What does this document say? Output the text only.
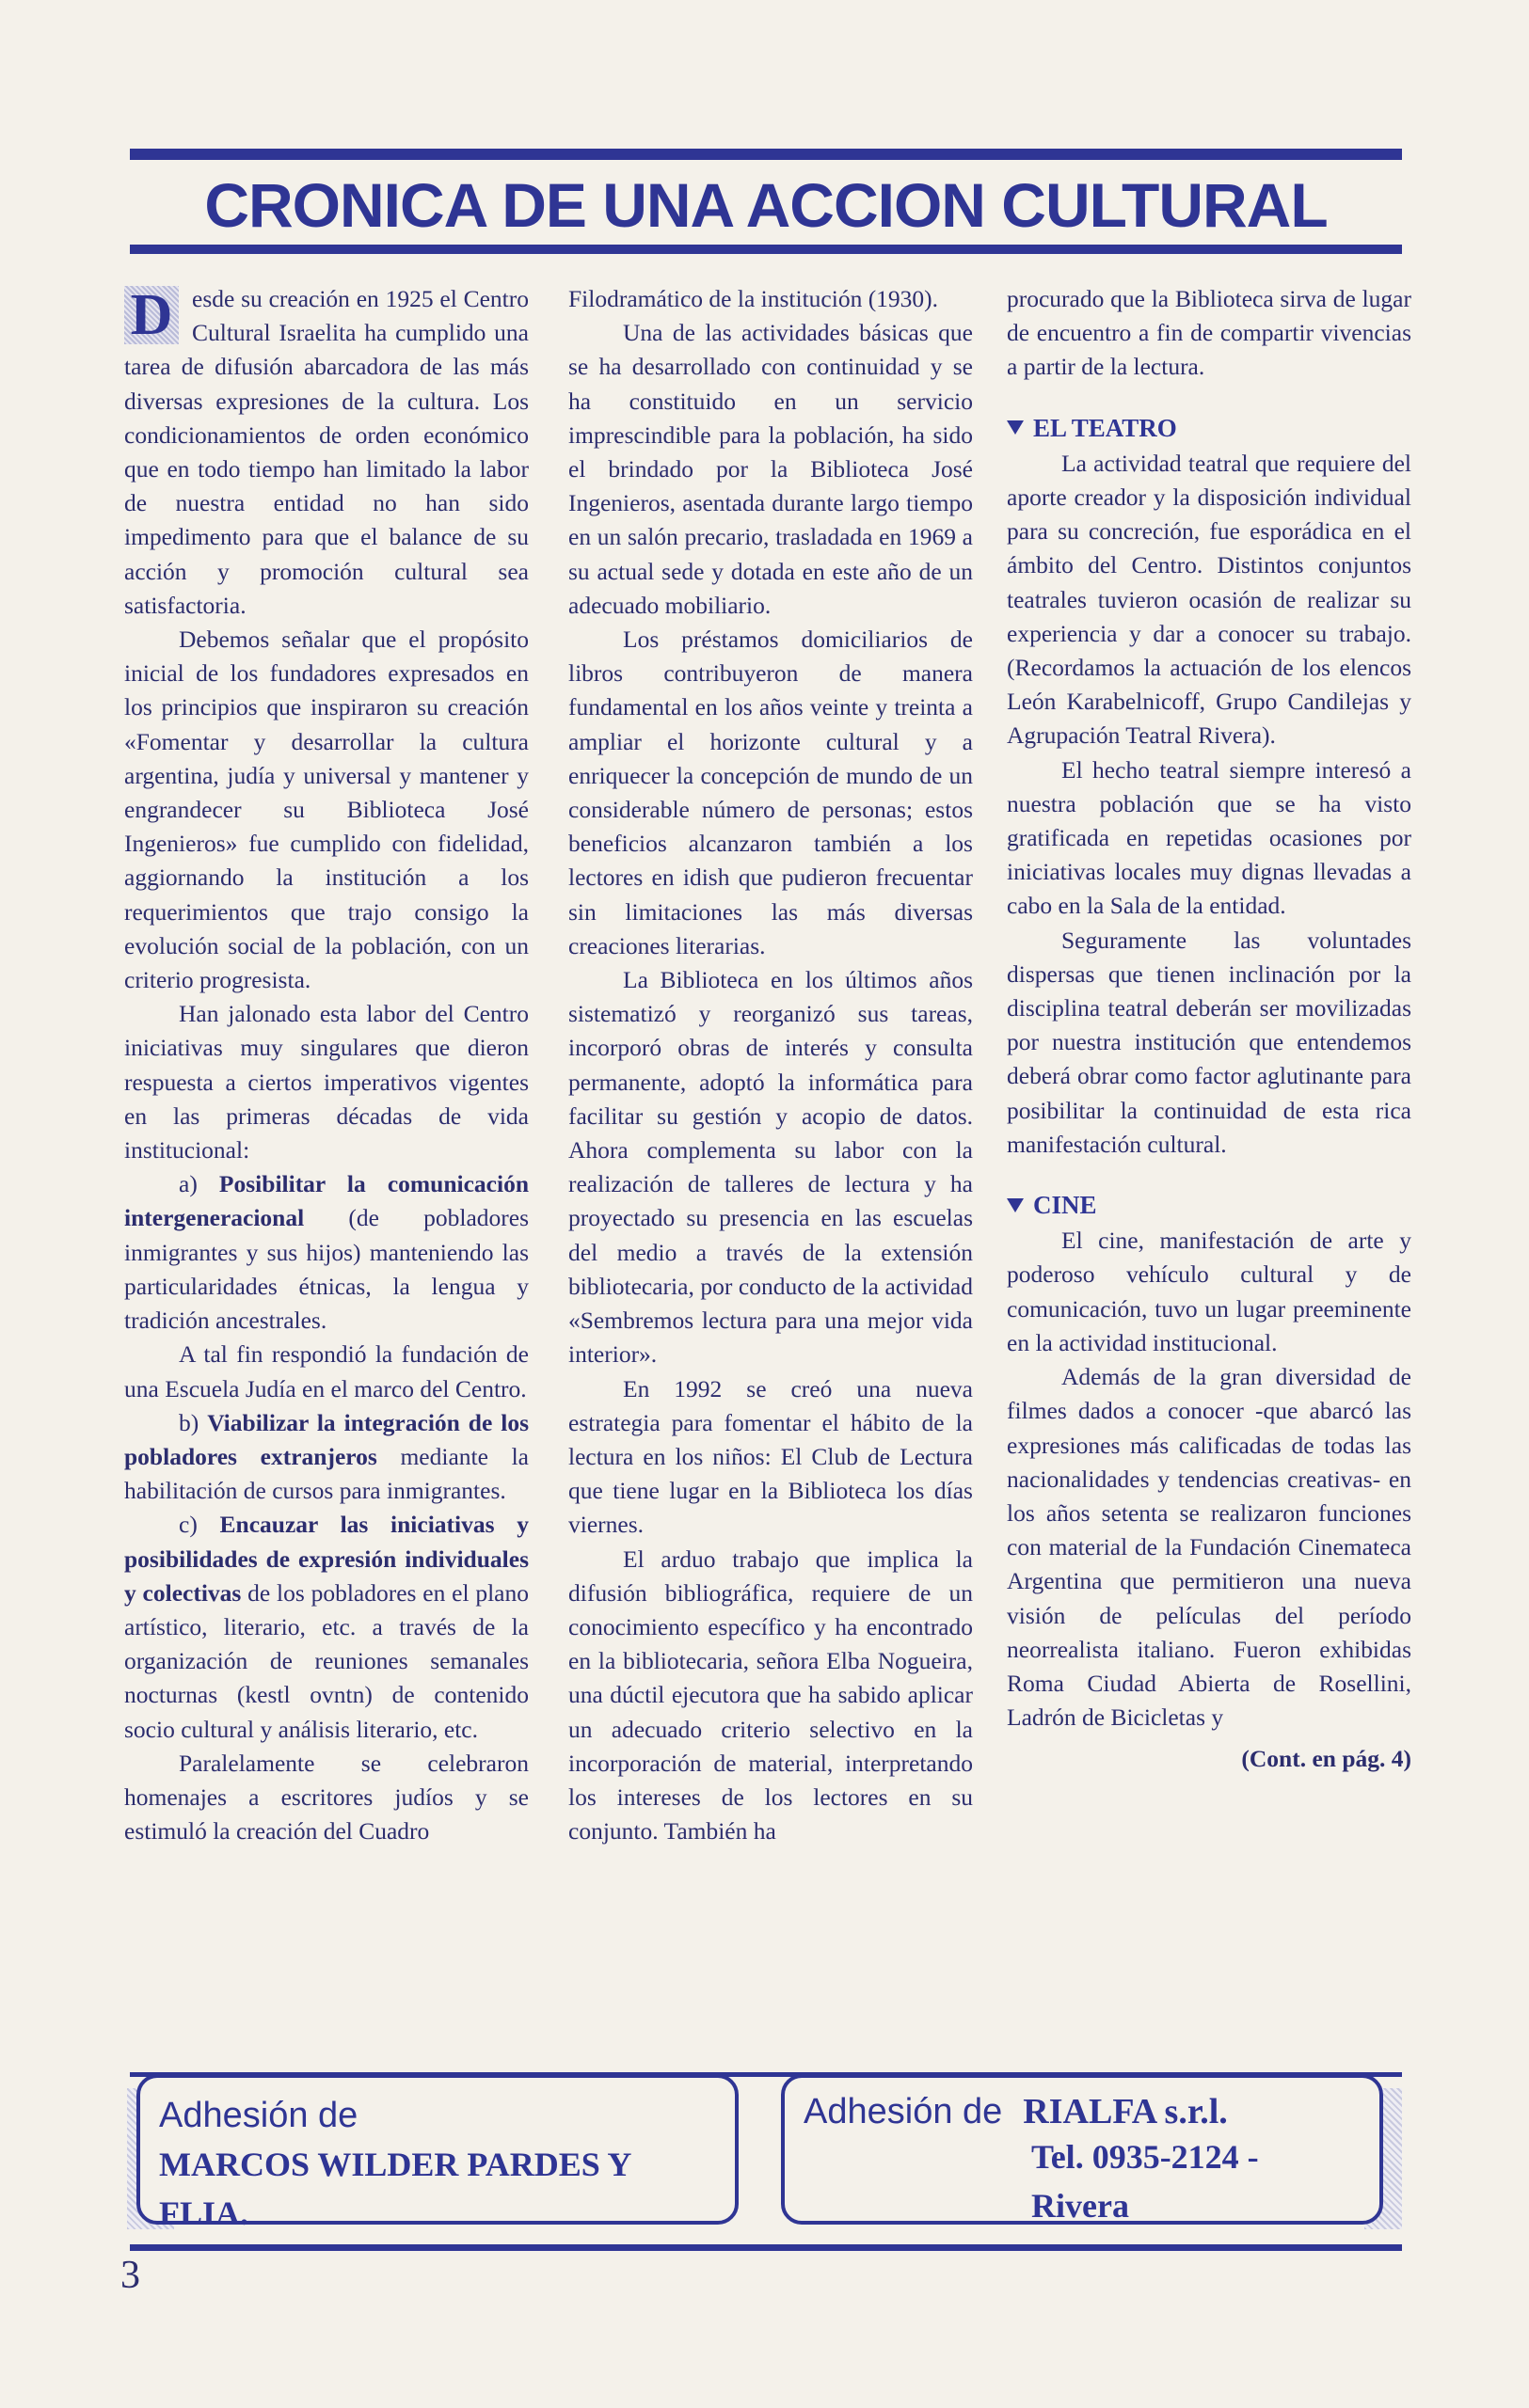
CRONICA DE UNA ACCION CULTURAL

D esde su creación en 1925 el Centro Cultural Israelita ha cumplido una tarea de difusión abarcadora de las más diversas expresiones de la cultura. Los condicionamientos de orden económico que en todo tiempo han limitado la labor de nuestra entidad no han sido impedimento para que el balance de su acción y promoción cultural sea satisfactoria.

Debemos señalar que el propósito inicial de los fundadores expresados en los principios que inspiraron su creación «Fomentar y desarrollar la cultura argentina, judía y universal y mantener y engrandecer su Biblioteca José Ingenieros» fue cumplido con fidelidad, aggiornando la institución a los requerimientos que trajo consigo la evolución social de la población, con un criterio progresista.

Han jalonado esta labor del Centro iniciativas muy singulares que dieron respuesta a ciertos imperativos vigentes en las primeras décadas de vida institucional:

a) Posibilitar la comunicación intergeneracional (de pobladores inmigrantes y sus hijos) manteniendo las particularidades étnicas, la lengua y tradición ancestrales.

A tal fin respondió la fundación de una Escuela Judía en el marco del Centro.

b) Viabilizar la integración de los pobladores extranjeros mediante la habilitación de cursos para inmigrantes.

c) Encauzar las iniciativas y posibilidades de expresión individuales y colectivas de los pobladores en el plano artístico, literario, etc. a través de la organización de reuniones semanales nocturnas (kestl ovntn) de contenido socio cultural y análisis literario, etc.

Paralelamente se celebraron homenajes a escritores judíos y se estimuló la creación del Cuadro

Filodramático de la institución (1930).

Una de las actividades básicas que se ha desarrollado con continuidad y se ha constituido en un servicio imprescindible para la población, ha sido el brindado por la Biblioteca José Ingenieros, asentada durante largo tiempo en un salón precario, trasladada en 1969 a su actual sede y dotada en este año de un adecuado mobiliario.

Los préstamos domiciliarios de libros contribuyeron de manera fundamental en los años veinte y treinta a ampliar el horizonte cultural y a enriquecer la concepción de mundo de un considerable número de personas; estos beneficios alcanzaron también a los lectores en idish que pudieron frecuentar sin limitaciones las más diversas creaciones literarias.

La Biblioteca en los últimos años sistematizó y reorganizó sus tareas, incorporó obras de interés y consulta permanente, adoptó la informática para facilitar su gestión y acopio de datos. Ahora complementa su labor con la realización de talleres de lectura y ha proyectado su presencia en las escuelas del medio a través de la extensión bibliotecaria, por conducto de la actividad «Sembremos lectura para una mejor vida interior».

En 1992 se creó una nueva estrategia para fomentar el hábito de la lectura en los niños: El Club de Lectura que tiene lugar en la Biblioteca los días viernes.

El arduo trabajo que implica la difusión bibliográfica, requiere de un conocimiento específico y ha encontrado en la bibliotecaria, señora Elba Nogueira, una dúctil ejecutora que ha sabido aplicar un adecuado criterio selectivo en la incorporación de material, interpretando los intereses de los lectores en su conjunto. También ha

procurado que la Biblioteca sirva de lugar de encuentro a fin de compartir vivencias a partir de la lectura.

EL TEATRO

La actividad teatral que requiere del aporte creador y la disposición individual para su concreción, fue esporádica en el ámbito del Centro. Distintos conjuntos teatrales tuvieron ocasión de realizar su experiencia y dar a conocer su trabajo. (Recordamos la actuación de los elencos León Karabelnicoff, Grupo Candilejas y Agrupación Teatral Rivera).

El hecho teatral siempre interesó a nuestra población que se ha visto gratificada en repetidas ocasiones por iniciativas locales muy dignas llevadas a cabo en la Sala de la entidad.

Seguramente las voluntades dispersas que tienen inclinación por la disciplina teatral deberán ser movilizadas por nuestra institución que entendemos deberá obrar como factor aglutinante para posibilitar la continuidad de esta rica manifestación cultural.

CINE

El cine, manifestación de arte y poderoso vehículo cultural y de comunicación, tuvo un lugar preeminente en la actividad institucional.

Además de la gran diversidad de filmes dados a conocer -que abarcó las expresiones más calificadas de todas las nacionalidades y tendencias creativas- en los años setenta se realizaron funciones con material de la Fundación Cinemateca Argentina que permitieron una nueva visión de películas del período neorrealista italiano. Fueron exhibidas Roma Ciudad Abierta de Rosellini, Ladrón de Bicicletas y

(Cont. en pág. 4)
Adhesión de
MARCOS WILDER PARDES Y FLIA.
Adhesión de RIALFA s.r.l.
Tel. 0935-2124 - Rivera
3
